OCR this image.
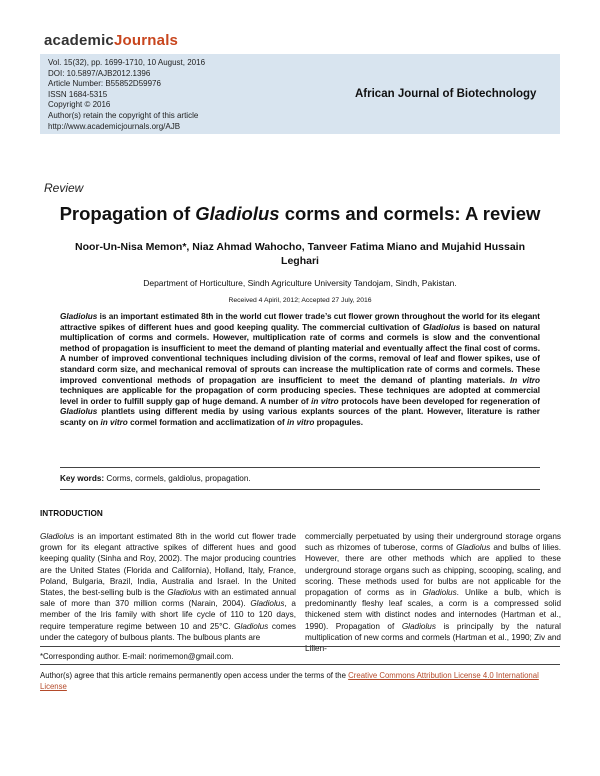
academicJournals
Vol. 15(32), pp. 1699-1710, 10 August, 2016
DOI: 10.5897/AJB2012.1396
Article Number: B55852D59976
ISSN 1684-5315
Copyright © 2016
Author(s) retain the copyright of this article
http://www.academicjournals.org/AJB
African Journal of Biotechnology
Review
Propagation of Gladiolus corms and cormels: A review
Noor-Un-Nisa Memon*, Niaz Ahmad Wahocho, Tanveer Fatima Miano and Mujahid Hussain Leghari
Department of Horticulture, Sindh Agriculture University Tandojam, Sindh, Pakistan.
Received 4 Apiril, 2012; Accepted 27 July, 2016
Gladiolus is an important estimated 8th in the world cut flower trade’s cut flower grown throughout the world for its elegant attractive spikes of different hues and good keeping quality. The commercial cultivation of Gladiolus is based on natural multiplication of corms and cormels. However, multiplication rate of corms and cormels is slow and the conventional method of propagation is insufficient to meet the demand of planting material and eventually affect the final cost of corms. A number of improved conventional techniques including division of the corms, removal of leaf and flower spikes, use of standard corm size, and mechanical removal of sprouts can increase the multiplication rate of corms and cormels. These improved conventional methods of propagation are insufficient to meet the demand of planting materials. In vitro techniques are applicable for the propagation of corm producing species. These techniques are adopted at commercial level in order to fulfill supply gap of huge demand. A number of in vitro protocols have been developed for regeneration of Gladiolus plantlets using different media by using various explants sources of the plant. However, literature is rather scanty on in vitro cormel formation and acclimatization of in vitro propagules.
Key words: Corms, cormels, galdiolus, propagation.
INTRODUCTION
Gladiolus is an important estimated 8th in the world cut flower trade grown for its elegant attractive spikes of different hues and good keeping quality (Sinha and Roy, 2002). The major producing countries are the United States (Florida and California), Holland, Italy, France, Poland, Bulgaria, Brazil, India, Australia and Israel. In the United States, the best-selling bulb is the Gladiolus with an estimated annual sale of more than 370 million corms (Narain, 2004). Gladiolus, a member of the Iris family with short life cycle of 110 to 120 days, require temperature regime between 10 and 25°C. Gladiolus comes under the category of bulbous plants. The bulbous plants are
commercially perpetuated by using their underground storage organs such as rhizomes of tuberose, corms of Gladiolus and bulbs of lilies. However, there are other methods which are applied to these underground storage organs such as chipping, scooping, scaling, and scoring. These methods used for bulbs are not applicable for the propagation of corms as in Gladiolus. Unlike a bulb, which is predominantly fleshy leaf scales, a corm is a compressed solid thickened stem with distinct nodes and internodes (Hartman et al., 1990). Propagation of Gladiolus is principally by the natural multiplication of new corms and cormels (Hartman et al., 1990; Ziv and Lilien-
*Corresponding author. E-mail: norimemon@gmail.com.
Author(s) agree that this article remains permanently open access under the terms of the Creative Commons Attribution License 4.0 International License
